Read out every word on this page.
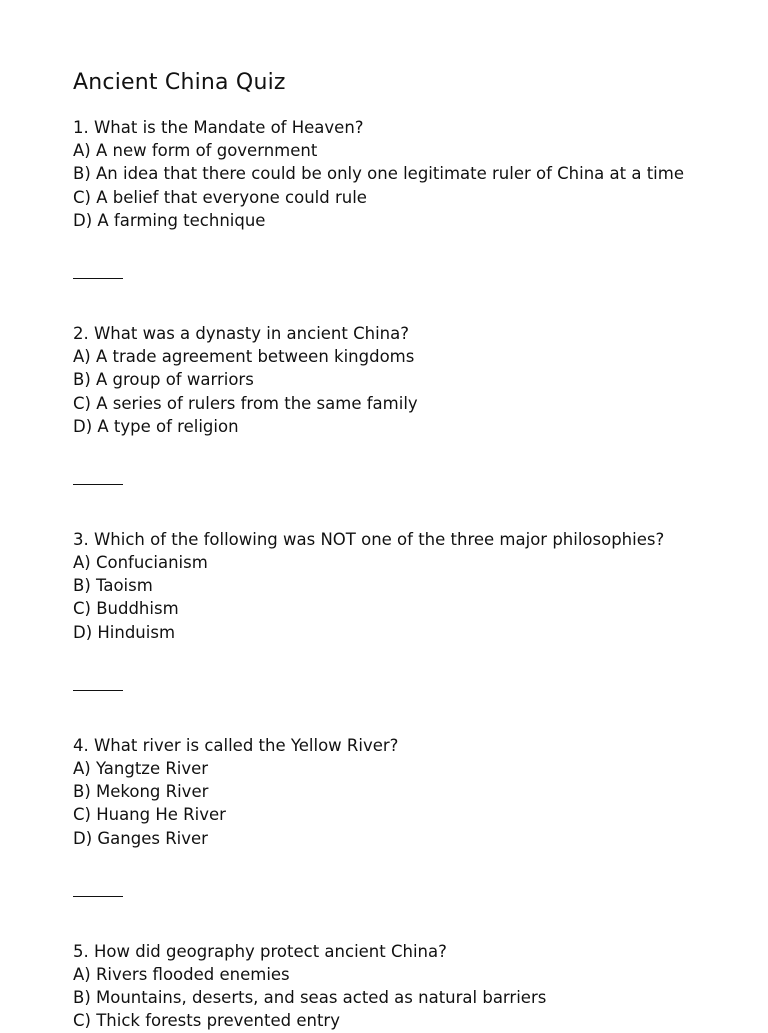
Ancient China Quiz
1. What is the Mandate of Heaven?
A) A new form of government
B) An idea that there could be only one legitimate ruler of China at a time
C) A belief that everyone could rule
D) A farming technique
2. What was a dynasty in ancient China?
A) A trade agreement between kingdoms
B) A group of warriors
C) A series of rulers from the same family
D) A type of religion
3. Which of the following was NOT one of the three major philosophies?
A) Confucianism
B) Taoism
C) Buddhism
D) Hinduism
4. What river is called the Yellow River?
A) Yangtze River
B) Mekong River
C) Huang He River
D) Ganges River
5. How did geography protect ancient China?
A) Rivers flooded enemies
B) Mountains, deserts, and seas acted as natural barriers
C) Thick forests prevented entry
